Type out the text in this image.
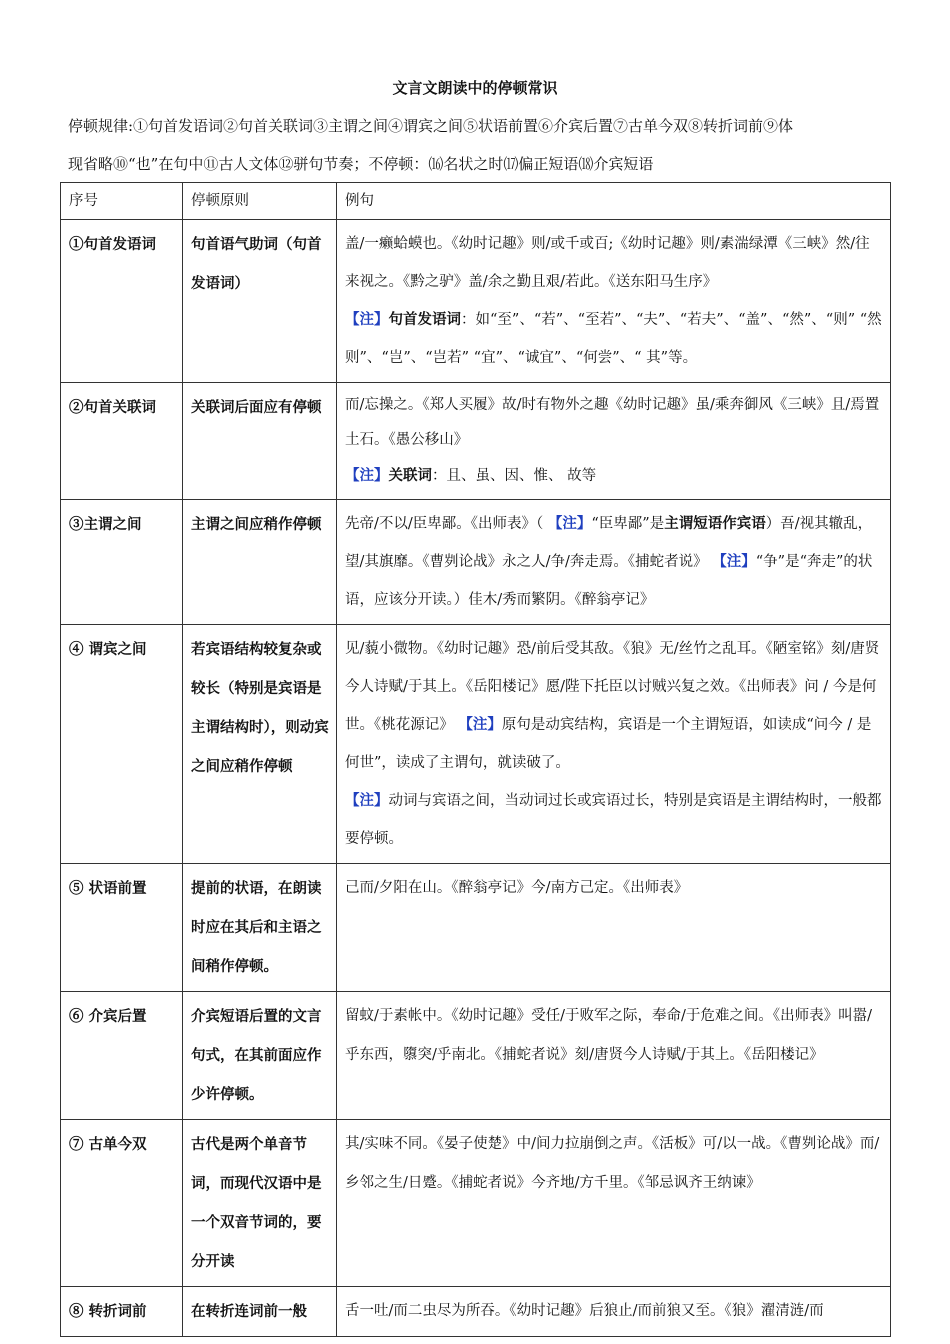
文言文朗读中的停顿常识
停顿规律:①句首发语词②句首关联词③主谓之间④谓宾之间⑤状语前置⑥介宾后置⑦古单今双⑧转折词前⑨体
现省略⑩“也”在句中⑪古人文体⑫骈句节奏；不停顿：⒃名状之时⒄偏正短语⒅介宾短语
序号	停顿原则	例句
①句首发语词	句首语气助词（句首发语词）	盖/一癞蛤蟆也。《幼时记趣》则/或千或百;《幼时记趣》则/素湍绿潭《三峡》然/往来视之。《黔之驴》盖/余之勤且艰/若此。《送东阳马生序》
【注】句首发语词：如“至”、“若”、“至若”、“夫”、“若夫”、“盖”、“然”、“则” “然则”、“岂”、“岂若” “宜”、“诚宜”、“何尝”、“ 其”等。

②句首关联词	关联词后面应有停顿	而/忘操之。《郑人买履》故/时有物外之趣《幼时记趣》虽/乘奔御风《三峡》且/焉置土石。《愚公移山》
【注】关联词：且、虽、因、惟、 故等

③主谓之间	主谓之间应稍作停顿	先帝/不以/臣卑鄙。《出师表》（ 【注】“臣卑鄙”是主谓短语作宾语）吾/视其辙乱，望/其旗靡。《曹刿论战》永之人/争/奔走焉。《捕蛇者说》 【注】“争”是“奔走”的状语，应该分开读。）佳木/秀而繁阴。《醉翁亭记》
④ 谓宾之间	若宾语结构较复杂或较长（特别是宾语是主谓结构时），则动宾之间应稍作停顿	见/藐小微物。《幼时记趣》恐/前后受其敌。《狼》无/丝竹之乱耳。《陋室铭》刻/唐贤今人诗赋/于其上。《岳阳楼记》愿/陛下托臣以讨贼兴复之效。《出师表》问 / 今是何世。《桃花源记》 【注】原句是动宾结构，宾语是一个主谓短语，如读成“问今 / 是何世”，读成了主谓句，就读破了。
【注】动词与宾语之间，当动词过长或宾语过长，特别是宾语是主谓结构时，一般都要停顿。

⑤ 状语前置	提前的状语，在朗读时应在其后和主语之间稍作停顿。	己而/夕阳在山。《醉翁亭记》今/南方己定。《出师表》
⑥ 介宾后置	介宾短语后置的文言句式，在其前面应作少许停顿。	留蚊/于素帐中。《幼时记趣》受任/于败军之际，奉命/于危难之间。《出师表》叫嚣/乎东西，隳突/乎南北。《捕蛇者说》刻/唐贤今人诗赋/于其上。《岳阳楼记》
⑦ 古单今双	古代是两个单音节词，而现代汉语中是一个双音节词的，要分开读	其/实味不同。《晏子使楚》中/间力拉崩倒之声。《活板》可/以一战。《曹刿论战》而/乡邻之生/日蹙。《捕蛇者说》今齐地/方千里。《邹忌讽齐王纳谏》
⑧ 转折词前	在转折连词前一般	舌一吐/而二虫尽为所吞。《幼时记趣》后狼止/而前狼又至。《狼》濯清涟/而
